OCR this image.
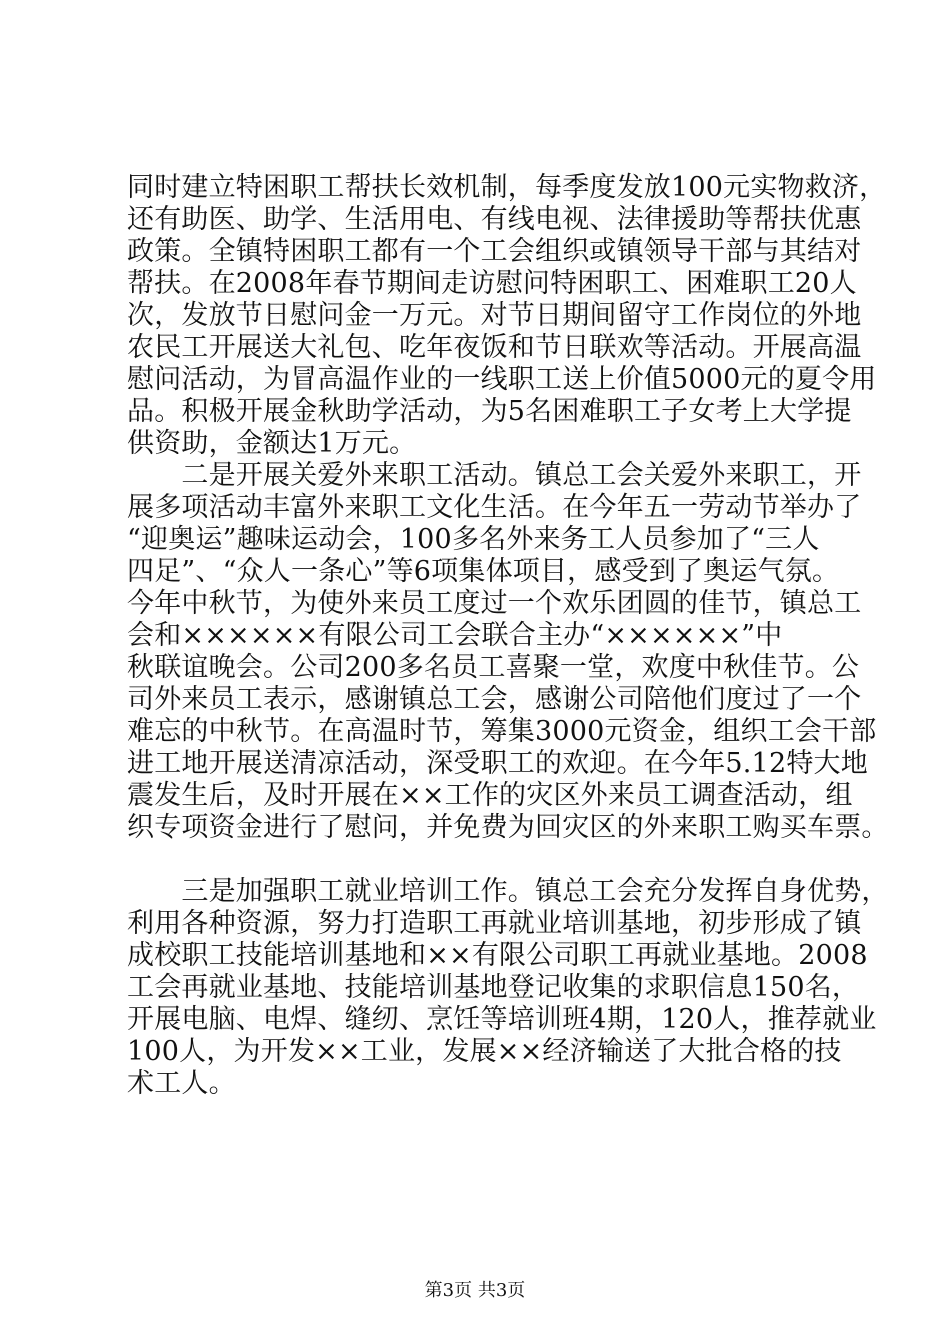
同时建立特困职工帮扶长效机制，每季度发放100元实物救济，
还有助医、助学、生活用电、有线电视、法律援助等帮扶优惠
政策。全镇特困职工都有一个工会组织或镇领导干部与其结对
帮扶。在2008年春节期间走访慰问特困职工、困难职工20人
次，发放节日慰问金一万元。对节日期间留守工作岗位的外地
农民工开展送大礼包、吃年夜饭和节日联欢等活动。开展高温
慰问活动，为冒高温作业的一线职工送上价值5000元的夏令用
品。积极开展金秋助学活动，为5名困难职工子女考上大学提
供资助，金额达1万元。
　　二是开展关爱外来职工活动。镇总工会关爱外来职工，开
展多项活动丰富外来职工文化生活。在今年五一劳动节举办了
“迎奥运”趣味运动会，100多名外来务工人员参加了“三人
四足”、“众人一条心”等6项集体项目，感受到了奥运气氛。
今年中秋节，为使外来员工度过一个欢乐团圆的佳节，镇总工
会和××××××有限公司工会联合主办“××××××”中
秋联谊晚会。公司200多名员工喜聚一堂，欢度中秋佳节。公
司外来员工表示，感谢镇总工会，感谢公司陪他们度过了一个
难忘的中秋节。在高温时节，筹集3000元资金，组织工会干部
进工地开展送清凉活动，深受职工的欢迎。在今年5.12特大地
震发生后，及时开展在××工作的灾区外来员工调查活动，组
织专项资金进行了慰问，并免费为回灾区的外来职工购买车票。
　　三是加强职工就业培训工作。镇总工会充分发挥自身优势，
利用各种资源，努力打造职工再就业培训基地，初步形成了镇
成校职工技能培训基地和××有限公司职工再就业基地。2008
工会再就业基地、技能培训基地登记收集的求职信息150名，
开展电脑、电焊、缝纫、烹饪等培训班4期，120人，推荐就业
100人，为开发××工业，发展××经济输送了大批合格的技
术工人。
第3页 共3页
